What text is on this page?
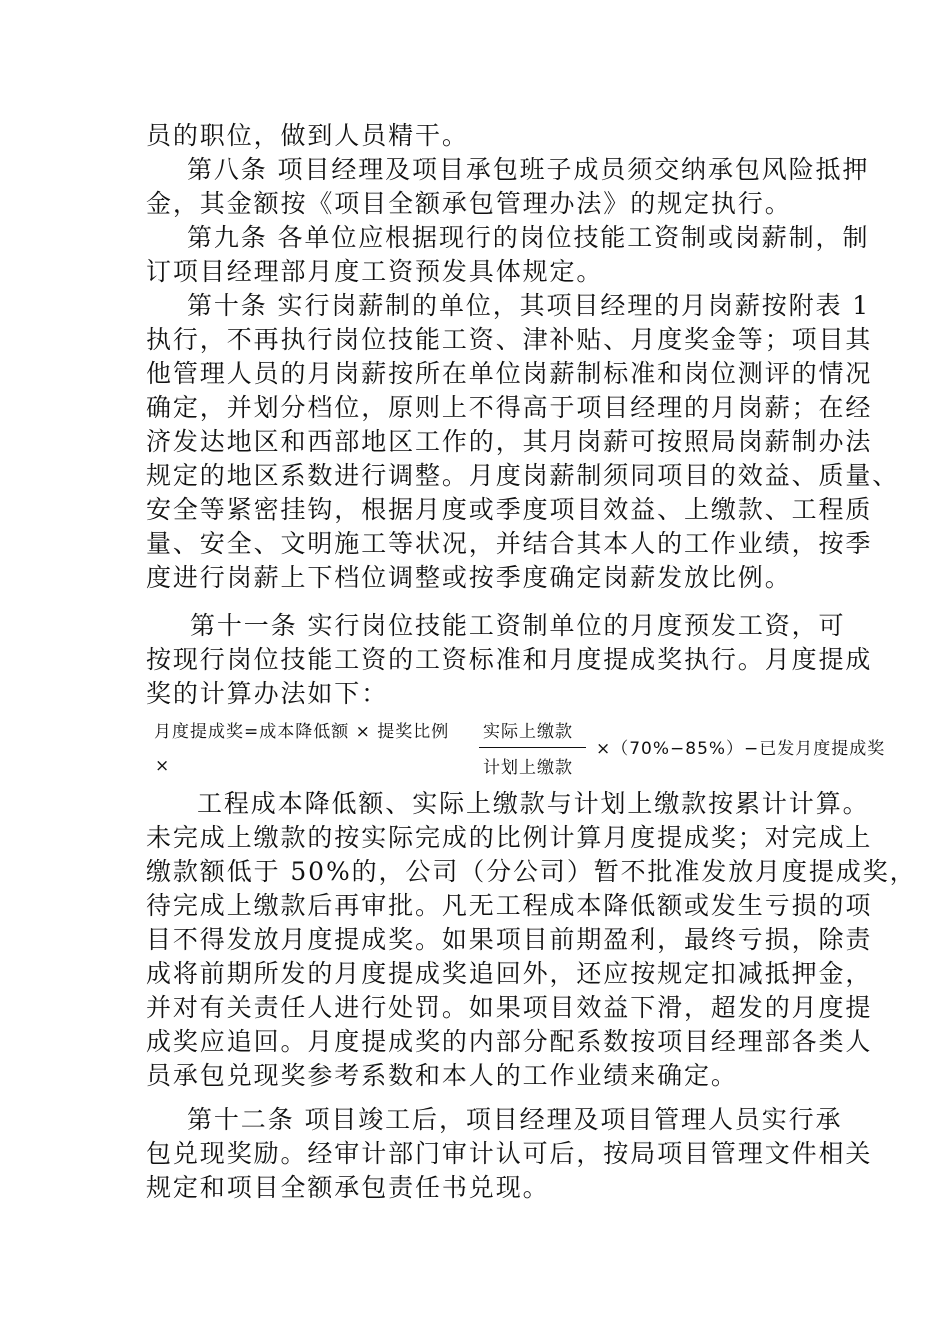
员的职位，做到人员精干。
第八条 项目经理及项目承包班子成员须交纳承包风险抵押
金，其金额按《项目全额承包管理办法》的规定执行。
第九条 各单位应根据现行的岗位技能工资制或岗薪制，制
订项目经理部月度工资预发具体规定。
第十条 实行岗薪制的单位，其项目经理的月岗薪按附表 1
执行，不再执行岗位技能工资、津补贴、月度奖金等；项目其
他管理人员的月岗薪按所在单位岗薪制标准和岗位测评的情况
确定，并划分档位，原则上不得高于项目经理的月岗薪；在经
济发达地区和西部地区工作的，其月岗薪可按照局岗薪制办法
规定的地区系数进行调整。月度岗薪制须同项目的效益、质量、
安全等紧密挂钩，根据月度或季度项目效益、上缴款、工程质
量、安全、文明施工等状况，并结合其本人的工作业绩，按季
度进行岗薪上下档位调整或按季度确定岗薪发放比例。
第十一条 实行岗位技能工资制单位的月度预发工资，可
按现行岗位技能工资的工资标准和月度提成奖执行。月度提成
奖的计算办法如下：
月度提成奖=成本降低额 × 提奖比例
×
实际上缴款
计划上缴款
×（70%−85%）−已发月度提成奖
工程成本降低额、实际上缴款与计划上缴款按累计计算。
未完成上缴款的按实际完成的比例计算月度提成奖；对完成上
缴款额低于 50%的，公司（分公司）暂不批准发放月度提成奖，
待完成上缴款后再审批。凡无工程成本降低额或发生亏损的项
目不得发放月度提成奖。如果项目前期盈利，最终亏损，除责
成将前期所发的月度提成奖追回外，还应按规定扣减抵押金，
并对有关责任人进行处罚。如果项目效益下滑，超发的月度提
成奖应追回。月度提成奖的内部分配系数按项目经理部各类人
员承包兑现奖参考系数和本人的工作业绩来确定。
第十二条 项目竣工后，项目经理及项目管理人员实行承
包兑现奖励。经审计部门审计认可后，按局项目管理文件相关
规定和项目全额承包责任书兑现。
